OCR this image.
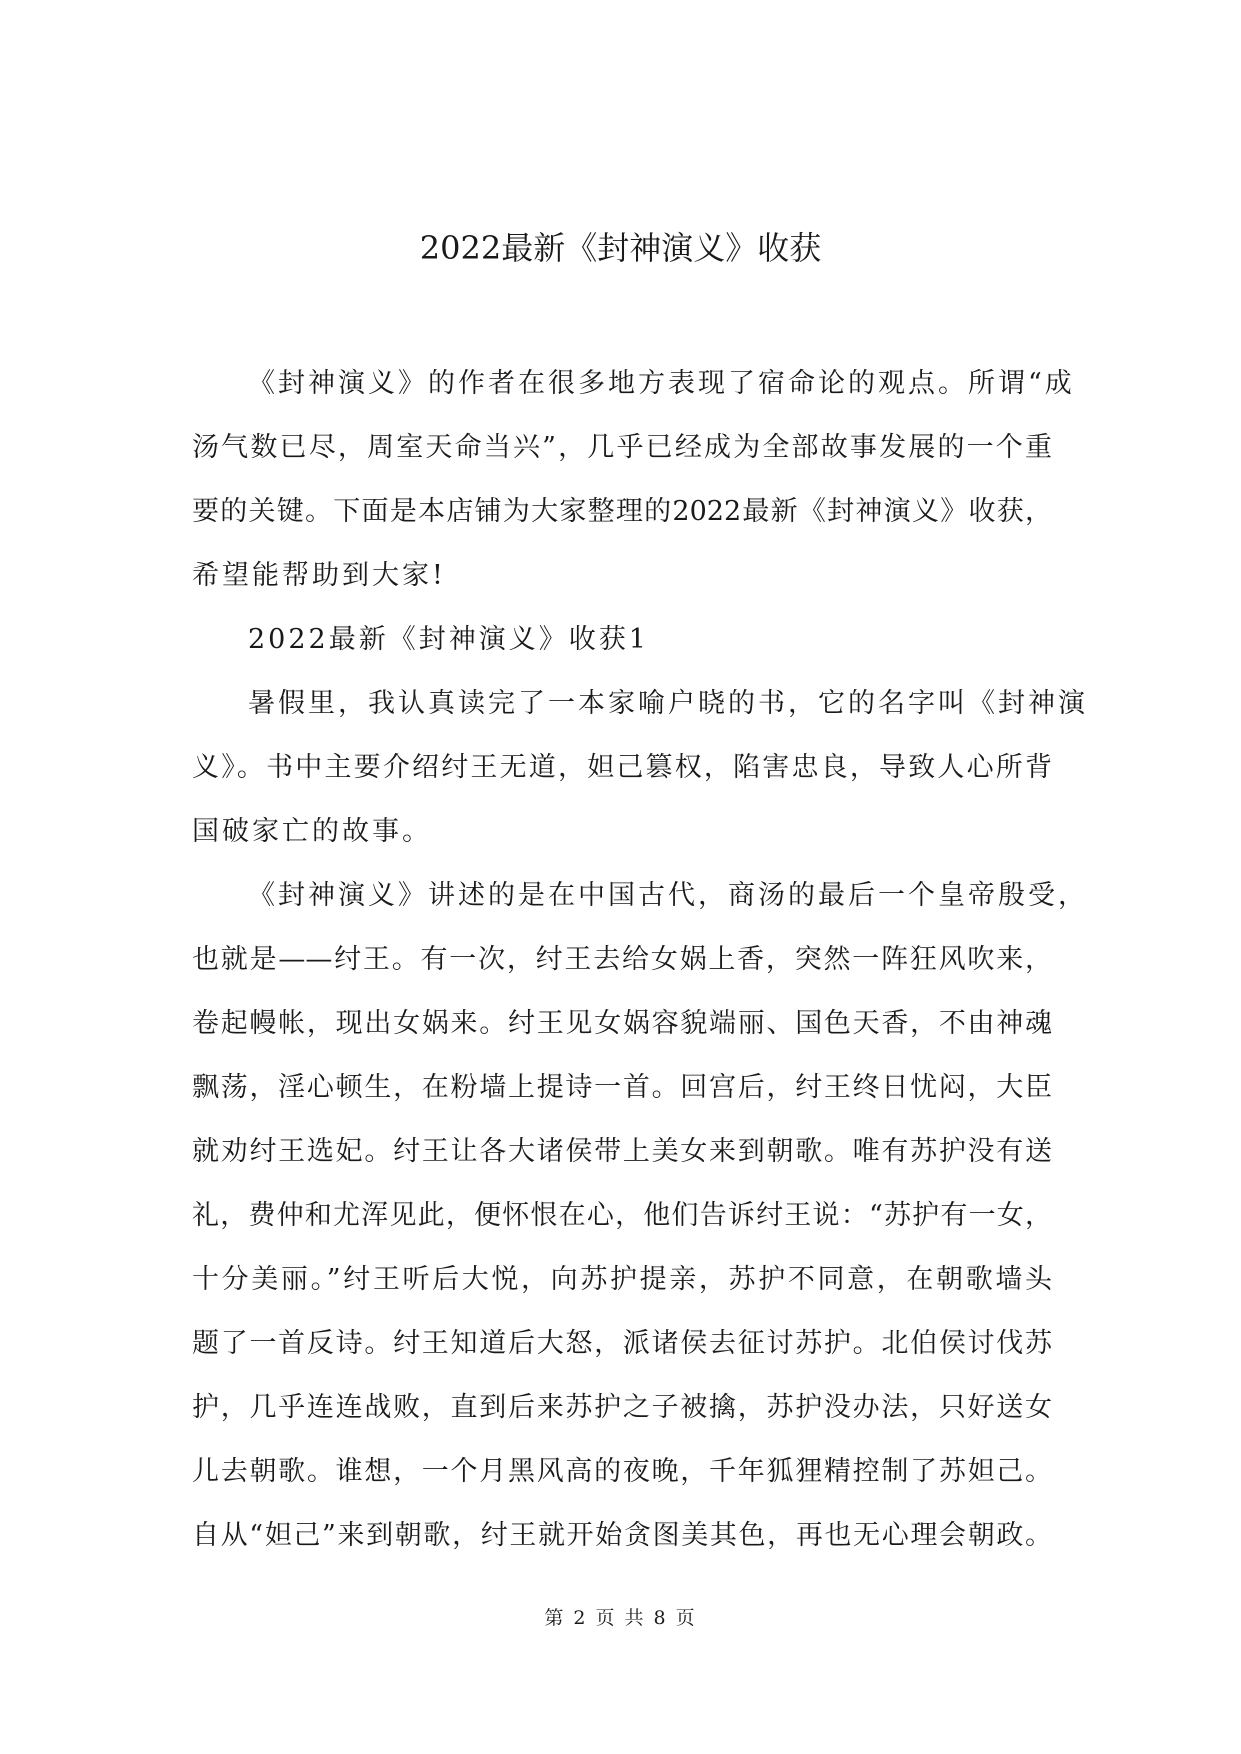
2022最新《封神演义》收获
《封神演义》的作者在很多地方表现了宿命论的观点。所谓“成
汤气数已尽，周室天命当兴”，几乎已经成为全部故事发展的一个重
要的关键。下面是本店铺为大家整理的2022最新《封神演义》收获，
希望能帮助到大家!
2022最新《封神演义》收获1
暑假里，我认真读完了一本家喻户晓的书，它的名字叫《封神演
义》。书中主要介绍纣王无道，妲己篡权，陷害忠良，导致人心所背
国破家亡的故事。
《封神演义》讲述的是在中国古代，商汤的最后一个皇帝殷受，
也就是——纣王。有一次，纣王去给女娲上香，突然一阵狂风吹来，
卷起幔帐，现出女娲来。纣王见女娲容貌端丽、国色天香，不由神魂
飘荡，淫心顿生，在粉墙上提诗一首。回宫后，纣王终日忧闷，大臣
就劝纣王选妃。纣王让各大诸侯带上美女来到朝歌。唯有苏护没有送
礼，费仲和尤浑见此，便怀恨在心，他们告诉纣王说：“苏护有一女，
十分美丽。”纣王听后大悦，向苏护提亲，苏护不同意，在朝歌墙头
题了一首反诗。纣王知道后大怒，派诸侯去征讨苏护。北伯侯讨伐苏
护，几乎连连战败，直到后来苏护之子被擒，苏护没办法，只好送女
儿去朝歌。谁想，一个月黑风高的夜晚，千年狐狸精控制了苏妲己。
自从“妲己”来到朝歌，纣王就开始贪图美其色，再也无心理会朝政。
第 2 页 共 8 页
